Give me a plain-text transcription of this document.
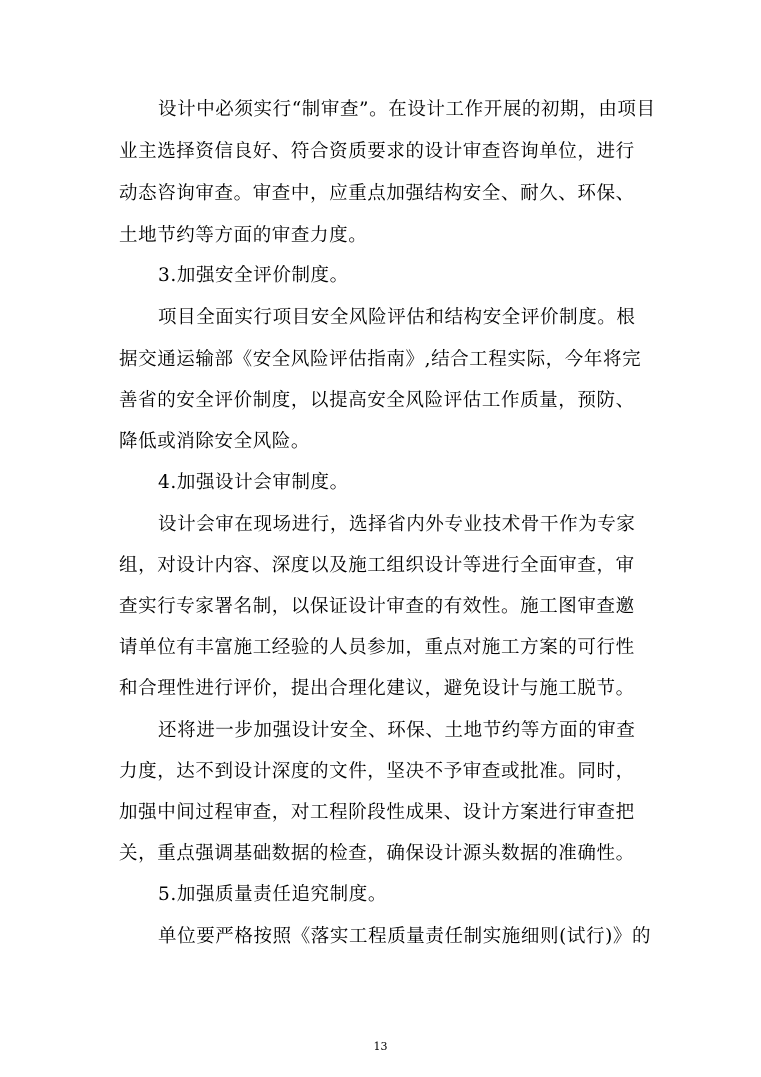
设计中必须实行“制审查”。在设计工作开展的初期，由项目
业主选择资信良好、符合资质要求的设计审查咨询单位，进行
动态咨询审查。审查中，应重点加强结构安全、耐久、环保、
土地节约等方面的审查力度。
3.加强安全评价制度。
项目全面实行项目安全风险评估和结构安全评价制度。根
据交通运输部《安全风险评估指南》,结合工程实际，今年将完
善省的安全评价制度，以提高安全风险评估工作质量，预防、
降低或消除安全风险。
4.加强设计会审制度。
设计会审在现场进行，选择省内外专业技术骨干作为专家
组，对设计内容、深度以及施工组织设计等进行全面审查，审
查实行专家署名制，以保证设计审查的有效性。施工图审查邀
请单位有丰富施工经验的人员参加，重点对施工方案的可行性
和合理性进行评价，提出合理化建议，避免设计与施工脱节。
还将进一步加强设计安全、环保、土地节约等方面的审查
力度，达不到设计深度的文件，坚决不予审查或批准。同时，
加强中间过程审查，对工程阶段性成果、设计方案进行审查把
关，重点强调基础数据的检查，确保设计源头数据的准确性。
5.加强质量责任追究制度。
单位要严格按照《落实工程质量责任制实施细则(试行)》的
13
